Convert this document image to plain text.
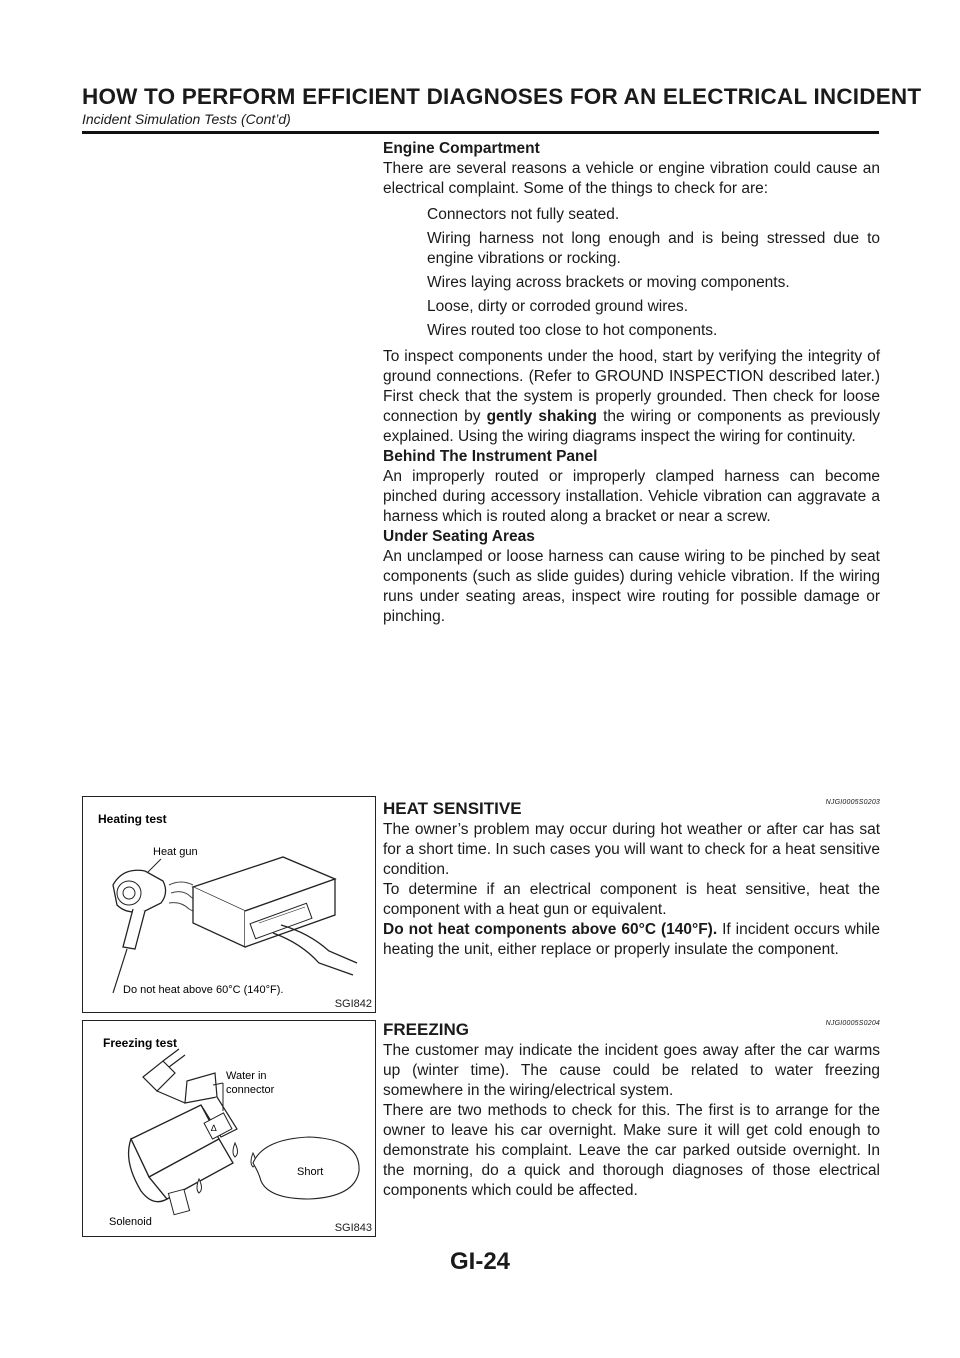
HOW TO PERFORM EFFICIENT DIAGNOSES FOR AN ELECTRICAL INCIDENT
Incident Simulation Tests (Cont’d)

Engine Compartment

There are several reasons a vehicle or engine vibration could cause an electrical complaint. Some of the things to check for are:

Connectors not fully seated.

Wiring harness not long enough and is being stressed due to engine vibrations or rocking.

Wires laying across brackets or moving components.

Loose, dirty or corroded ground wires.

Wires routed too close to hot components.

To inspect components under the hood, start by verifying the integrity of ground connections. (Refer to GROUND INSPECTION described later.) First check that the system is properly grounded. Then check for loose connection by gently shaking the wiring or components as previously explained. Using the wiring diagrams inspect the wiring for continuity.

Behind The Instrument Panel

An improperly routed or improperly clamped harness can become pinched during accessory installation. Vehicle vibration can aggravate a harness which is routed along a bracket or near a screw.

Under Seating Areas

An unclamped or loose harness can cause wiring to be pinched by seat components (such as slide guides) during vehicle vibration. If the wiring runs under seating areas, inspect wire routing for possible damage or pinching.

Heating test
Heat gun
Do not heat above 60°C (140°F).
SGI842
HEAT SENSITIVE	NJGI0005S0203

The owner’s problem may occur during hot weather or after car has sat for a short time. In such cases you will want to check for a heat sensitive condition.

To determine if an electrical component is heat sensitive, heat the component with a heat gun or equivalent.

Do not heat components above 60°C (140°F). If incident occurs while heating the unit, either replace or properly insulate the component.

Freezing test
∆
Water in
connector
Short
Solenoid	SGI843
FREEZING	NJGI0005S0204

The customer may indicate the incident goes away after the car warms up (winter time). The cause could be related to water freezing somewhere in the wiring/electrical system.

There are two methods to check for this. The first is to arrange for the owner to leave his car overnight. Make sure it will get cold enough to demonstrate his complaint. Leave the car parked outside overnight. In the morning, do a quick and thorough diagnoses of those electrical components which could be affected.

GI-24
